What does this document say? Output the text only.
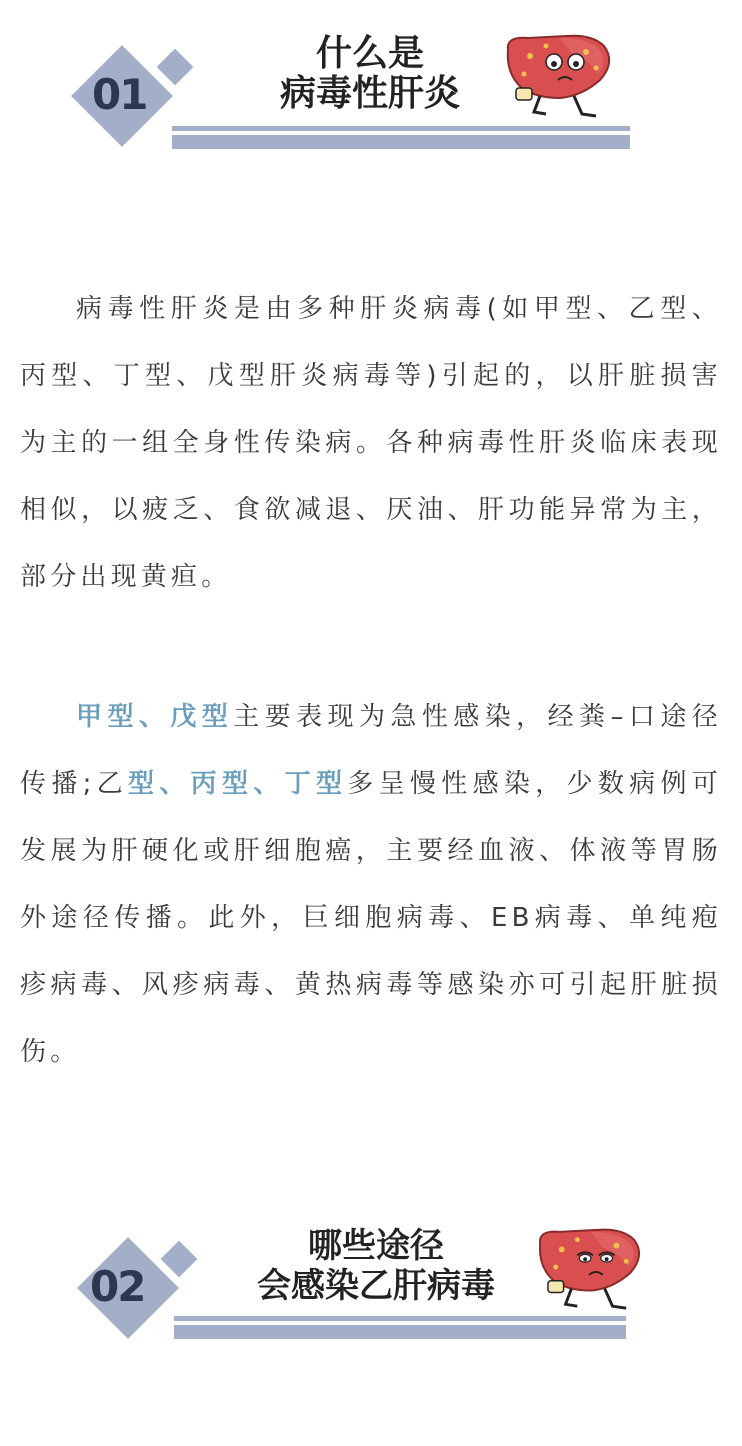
01
什么是
病毒性肝炎

病毒性肝炎是由多种肝炎病毒(如甲型、乙型、丙型、丁型、戊型肝炎病毒等)引起的，以肝脏损害为主的一组全身性传染病。各种病毒性肝炎临床表现相似，以疲乏、食欲减退、厌油、肝功能异常为主，部分出现黄疸。

甲型、戊型主要表现为急性感染，经粪–口途径传播;乙型、丙型、丁型多呈慢性感染，少数病例可发展为肝硬化或肝细胞癌，主要经血液、体液等胃肠外途径传播。此外，巨细胞病毒、EB病毒、单纯疱疹病毒、风疹病毒、黄热病毒等感染亦可引起肝脏损伤。

02
哪些途径
会感染乙肝病毒
